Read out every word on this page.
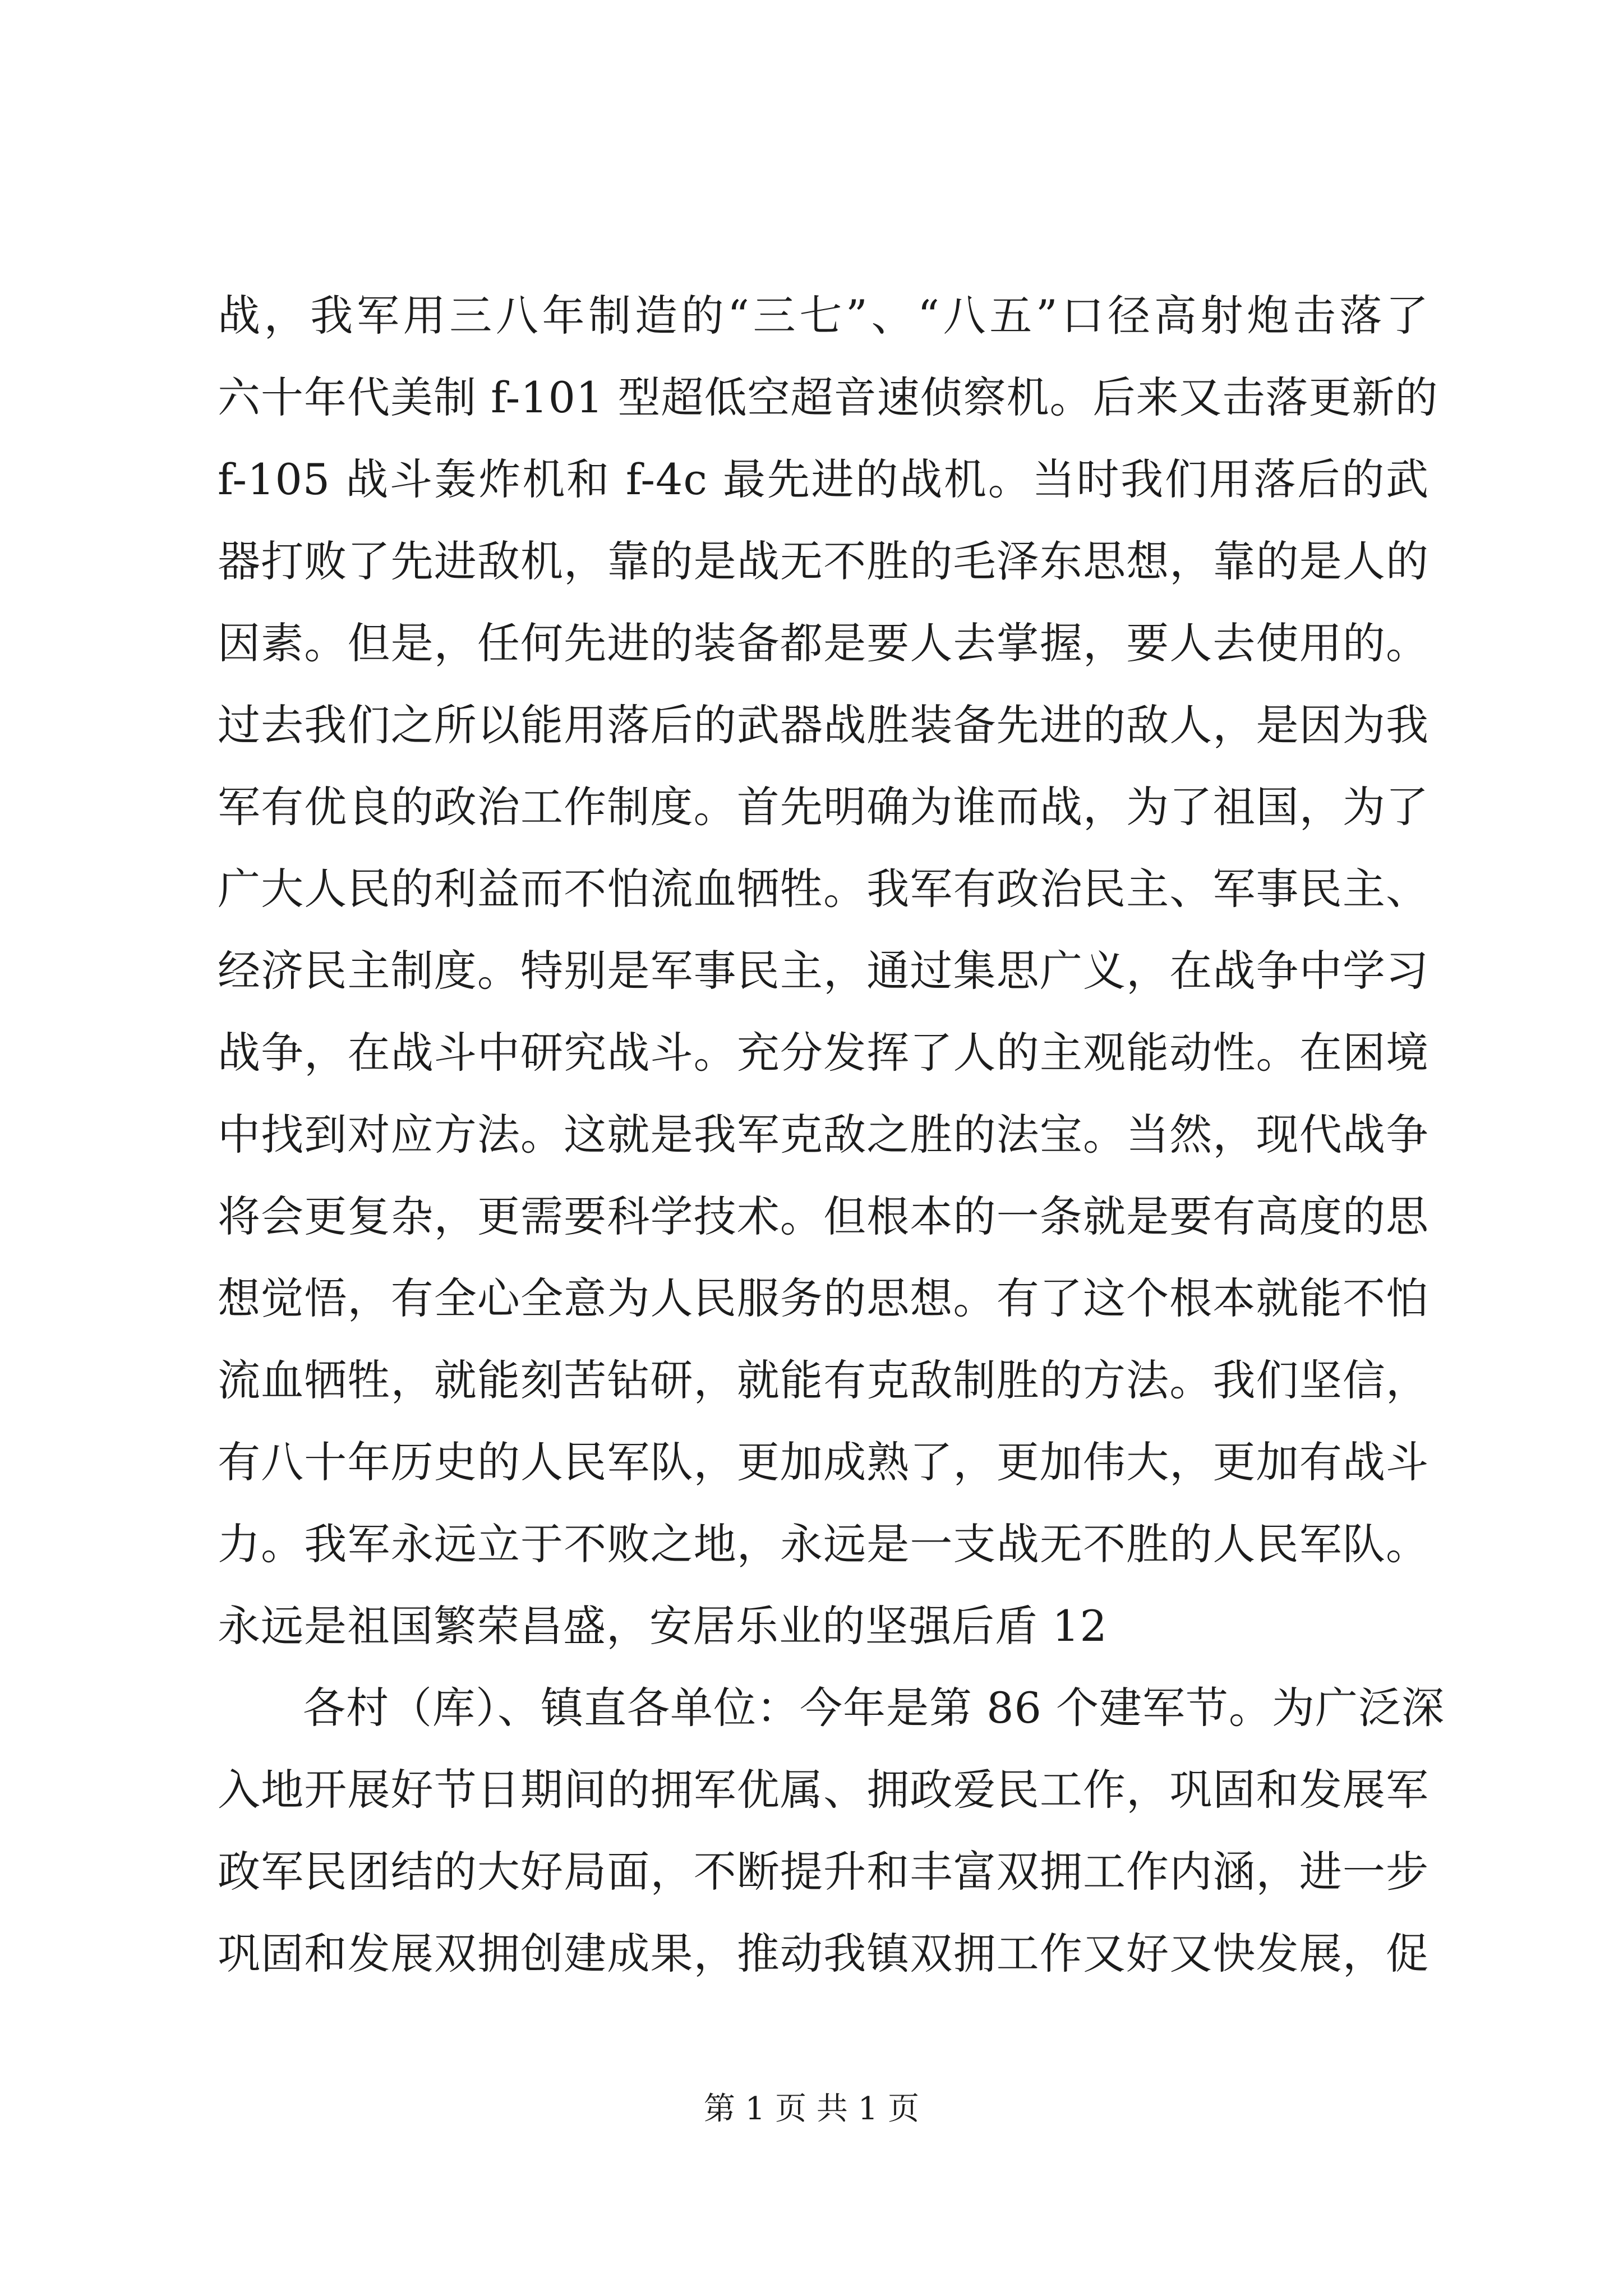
战，我军用三八年制造的“三七”、“八五”口径高射炮击落了
六十年代美制 f-101 型超低空超音速侦察机。后来又击落更新的
f-105 战斗轰炸机和 f-4c 最先进的战机。当时我们用落后的武
器打败了先进敌机，靠的是战无不胜的毛泽东思想，靠的是人的
因素。但是，任何先进的装备都是要人去掌握，要人去使用的。
过去我们之所以能用落后的武器战胜装备先进的敌人，是因为我
军有优良的政治工作制度。首先明确为谁而战，为了祖国，为了
广大人民的利益而不怕流血牺牲。我军有政治民主、军事民主、
经济民主制度。特别是军事民主，通过集思广义，在战争中学习
战争，在战斗中研究战斗。充分发挥了人的主观能动性。在困境
中找到对应方法。这就是我军克敌之胜的法宝。当然，现代战争
将会更复杂，更需要科学技术。但根本的一条就是要有高度的思
想觉悟，有全心全意为人民服务的思想。有了这个根本就能不怕
流血牺牲，就能刻苦钻研，就能有克敌制胜的方法。我们坚信，
有八十年历史的人民军队，更加成熟了，更加伟大，更加有战斗
力。我军永远立于不败之地，永远是一支战无不胜的人民军队。
永远是祖国繁荣昌盛，安居乐业的坚强后盾 12
各村（库）、镇直各单位：今年是第 86 个建军节。为广泛深
入地开展好节日期间的拥军优属、拥政爱民工作，巩固和发展军
政军民团结的大好局面，不断提升和丰富双拥工作内涵，进一步
巩固和发展双拥创建成果，推动我镇双拥工作又好又快发展，促
第 1 页 共 1 页
